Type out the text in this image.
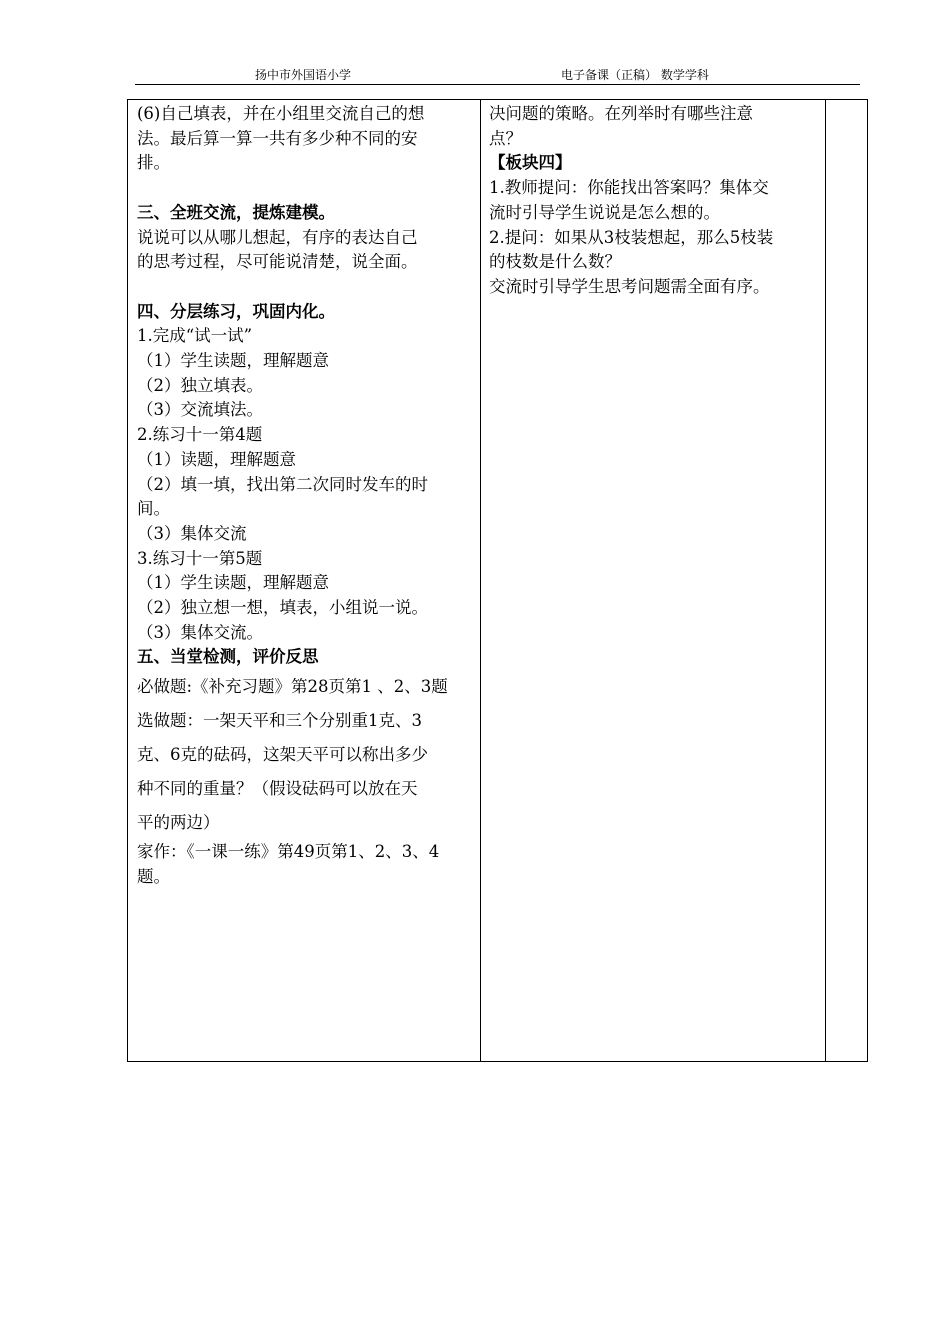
扬中市外国语小学	电子备课（正稿） 数学学科

(6)自己填表，并在小组里交流自己的想

法。最后算一算一共有多少种不同的安

排。

三、全班交流，提炼建模。

说说可以从哪儿想起，有序的表达自己

的思考过程，尽可能说清楚，说全面。

四、分层练习，巩固内化。

1.完成“试一试”

（1）学生读题，理解题意

（2）独立填表。

（3）交流填法。

2.练习十一第4题

（1）读题，理解题意

（2）填一填，找出第二次同时发车的时

间。

（3）集体交流

3.练习十一第5题

（1）学生读题，理解题意

（2）独立想一想，填表，小组说一说。

（3）集体交流。

五、当堂检测，评价反思

必做题:《补充习题》第28页第1 、2、3题

选做题：一架天平和三个分别重1克、3

克、6克的砝码，这架天平可以称出多少

种不同的重量？（假设砝码可以放在天

平的两边）

家作：《一课一练》第49页第1、2、3、4

题。

决问题的策略。在列举时有哪些注意

点？

【板块四】

1.教师提问：你能找出答案吗？集体交

流时引导学生说说是怎么想的。

2.提问：如果从3枝装想起，那么5枝装

的枝数是什么数？

交流时引导学生思考问题需全面有序。
